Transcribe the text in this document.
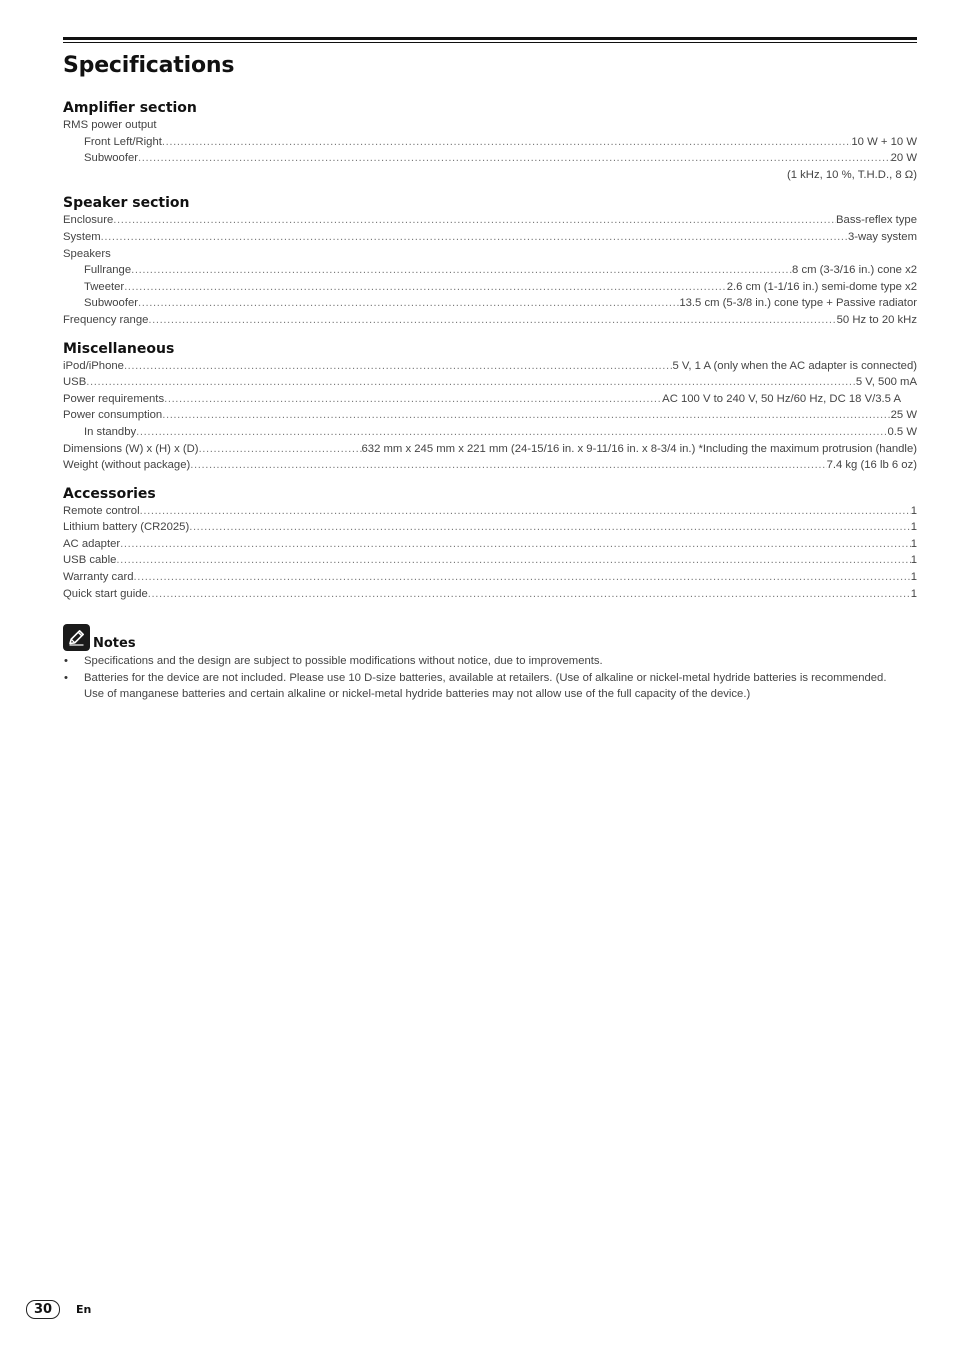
Specifications
Amplifier section
RMS power output
Front Left/Right .....	10 W + 10 W
Subwoofer .....	20 W
(1 kHz, 10 %, T.H.D., 8 Ω)
Speaker section
Enclosure .....	Bass-reflex type
System .....	3-way system
Speakers
Fullrange .....	8 cm (3-3/16 in.) cone x2
Tweeter .....	2.6 cm (1-1/16 in.) semi-dome type x2
Subwoofer .....	13.5 cm (5-3/8 in.) cone type + Passive radiator
Frequency range .....	50 Hz to 20 kHz
Miscellaneous
iPod/iPhone .....	5 V, 1 A (only when the AC adapter is connected)
USB .....	5 V, 500 mA
Power requirements .....	AC 100 V to 240 V, 50 Hz/60 Hz, DC 18 V/3.5 A
Power consumption .....	25 W
In standby .....	0.5 W
Dimensions (W) x (H) x (D) .....	632 mm x 245 mm x 221 mm (24-15/16 in. x 9-11/16 in. x 8-3/4 in.) *Including the maximum protrusion (handle)
Weight (without package) .....	7.4 kg (16 lb 6 oz)
Accessories
Remote control .....	1
Lithium battery (CR2025) .....	1
AC adapter .....	1
USB cable .....	1
Warranty card .....	1
Quick start guide .....	1
Notes
• Specifications and the design are subject to possible modifications without notice, due to improvements.
• Batteries for the device are not included. Please use 10 D-size batteries, available at retailers. (Use of alkaline or nickel-metal hydride batteries is recommended. Use of manganese batteries and certain alkaline or nickel-metal hydride batteries may not allow use of the full capacity of the device.)
30	En
